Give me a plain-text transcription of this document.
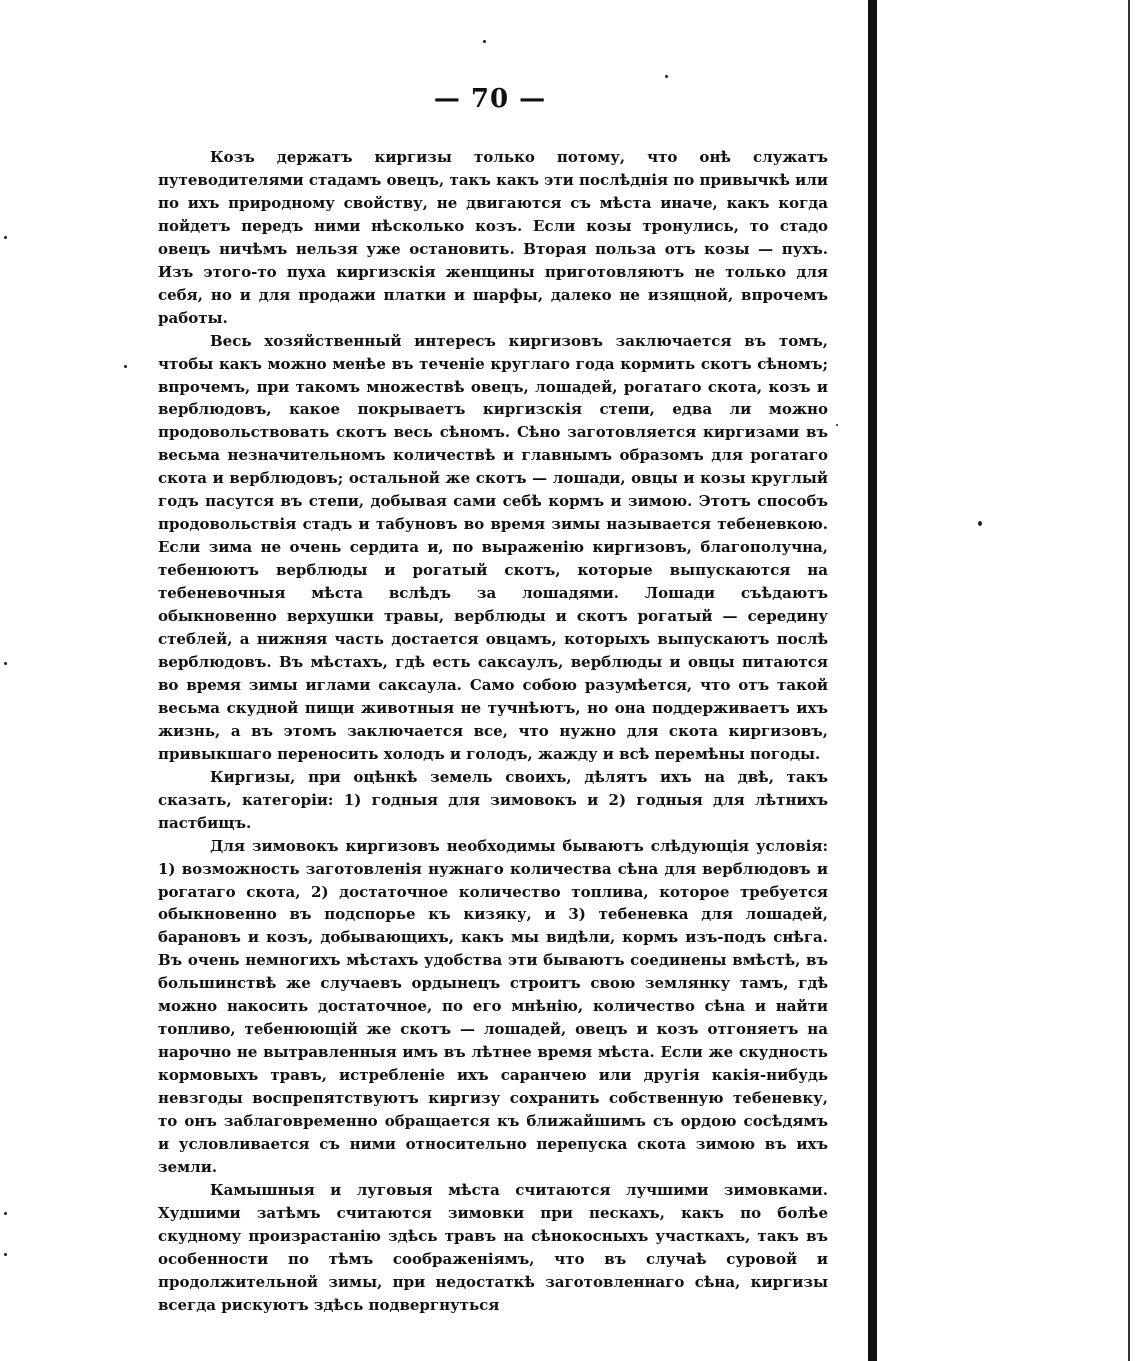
— 70 —

Козъ держатъ киргизы только потому, что онѣ служатъ путеводителями стадамъ овецъ, такъ какъ эти послѣднія по привычкѣ или по ихъ природному свойству, не двигаются съ мѣста иначе, какъ когда пойдетъ передъ ними нѣсколько козъ. Если козы тронулись, то стадо овецъ ничѣмъ нельзя уже остановить. Вторая польза отъ козы — пухъ. Изъ этого-то пуха киргизскія женщины приготовляютъ не только для себя, но и для продажи платки и шарфы, далеко не изящной, впрочемъ работы.

Весь хозяйственный интересъ киргизовъ заключается въ томъ, чтобы какъ можно менѣе въ теченіе круглаго года кормить скотъ сѣномъ; впрочемъ, при такомъ множествѣ овецъ, лошадей, рогатаго скота, козъ и верблюдовъ, какое покрываетъ киргизскія степи, едва ли можно продовольствовать скотъ весь сѣномъ. Сѣно заготовляется киргизами въ весьма незначительномъ количествѣ и главнымъ образомъ для рогатаго скота и верблюдовъ; остальной же скотъ — лошади, овцы и козы круглый годъ пасутся въ степи, добывая сами себѣ кормъ и зимою. Этотъ способъ продовольствія стадъ и табуновъ во время зимы называется тебеневкою. Если зима не очень сердита и, по выраженію киргизовъ, благополучна, тебенюютъ верблюды и рогатый скотъ, которые выпускаются на тебеневочныя мѣста вслѣдъ за лошадями. Лошади съѣдаютъ обыкновенно верхушки травы, верблюды и скотъ рогатый — середину стеблей, а нижняя часть достается овцамъ, которыхъ выпускаютъ послѣ верблюдовъ. Въ мѣстахъ, гдѣ есть саксаулъ, верблюды и овцы питаются во время зимы иглами саксаула. Само собою разумѣется, что отъ такой весьма скудной пищи животныя не тучнѣютъ, но она поддерживаетъ ихъ жизнь, а въ этомъ заключается все, что нужно для скота киргизовъ, привыкшаго переносить холодъ и голодъ, жажду и всѣ перемѣны погоды.

Киргизы, при оцѣнкѣ земель своихъ, дѣлятъ ихъ на двѣ, такъ сказать, категоріи: 1) годныя для зимовокъ и 2) годныя для лѣтнихъ пастбищъ.

Для зимовокъ киргизовъ необходимы бываютъ слѣдующія условія: 1) возможность заготовленія нужнаго количества сѣна для верблюдовъ и рогатаго скота, 2) достаточное количество топлива, которое требуется обыкновенно въ подспорье къ кизяку, и 3) тебеневка для лошадей, барановъ и козъ, добывающихъ, какъ мы видѣли, кормъ изъ-подъ снѣга. Въ очень немногихъ мѣстахъ удобства эти бываютъ соединены вмѣстѣ, въ большинствѣ же случаевъ ордынецъ строитъ свою землянку тамъ, гдѣ можно накосить достаточное, по его мнѣнію, количество сѣна и найти топливо, тебенюющій же скотъ — лошадей, овецъ и козъ отгоняетъ на нарочно не вытравленныя имъ въ лѣтнее время мѣста. Если же скудность кормовыхъ травъ, истребленіе ихъ саранчею или другія какія-нибудь невзгоды воспрепятствуютъ киргизу сохранить собственную тебеневку, то онъ заблаговременно обращается къ ближайшимъ съ ордою сосѣдямъ и условливается съ ними относительно перепуска скота зимою въ ихъ земли.

Камышныя и луговыя мѣста считаются лучшими зимовками. Худшими затѣмъ считаются зимовки при пескахъ, какъ по болѣе скудному произрастанію здѣсь травъ на сѣнокосныхъ участкахъ, такъ въ особенности по тѣмъ соображеніямъ, что въ случаѣ суровой и продолжительной зимы, при недостаткѣ заготовленнаго сѣна, киргизы всегда рискуютъ здѣсь подвергнуться
